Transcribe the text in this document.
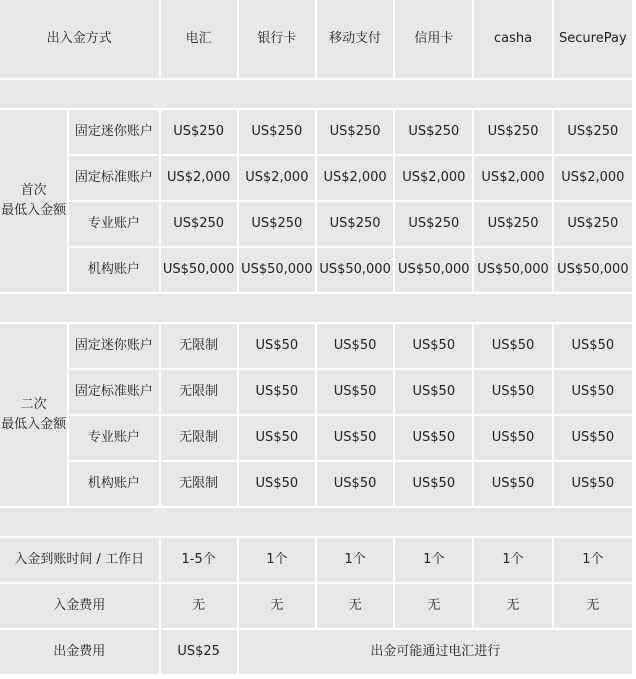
出入金方式		电汇	银行卡	移动支付	信用卡	casha	SecurePay

首次
最低入金额	固定迷你账户	US$250	US$250	US$250	US$250	US$250	US$250
	固定标准账户	US$2,000	US$2,000	US$2,000	US$2,000	US$2,000	US$2,000
	专业账户	US$250	US$250	US$250	US$250	US$250	US$250
	机构账户	US$50,000	US$50,000	US$50,000	US$50,000	US$50,000	US$50,000

二次
最低入金额	固定迷你账户	无限制	US$50	US$50	US$50	US$50	US$50
	固定标准账户	无限制	US$50	US$50	US$50	US$50	US$50
	专业账户	无限制	US$50	US$50	US$50	US$50	US$50
	机构账户	无限制	US$50	US$50	US$50	US$50	US$50

入金到账时间 / 工作日		1-5个	1个	1个	1个	1个	1个
入金费用		无	无	无	无	无	无
出金费用		US$25	出金可能通过电汇进行				
